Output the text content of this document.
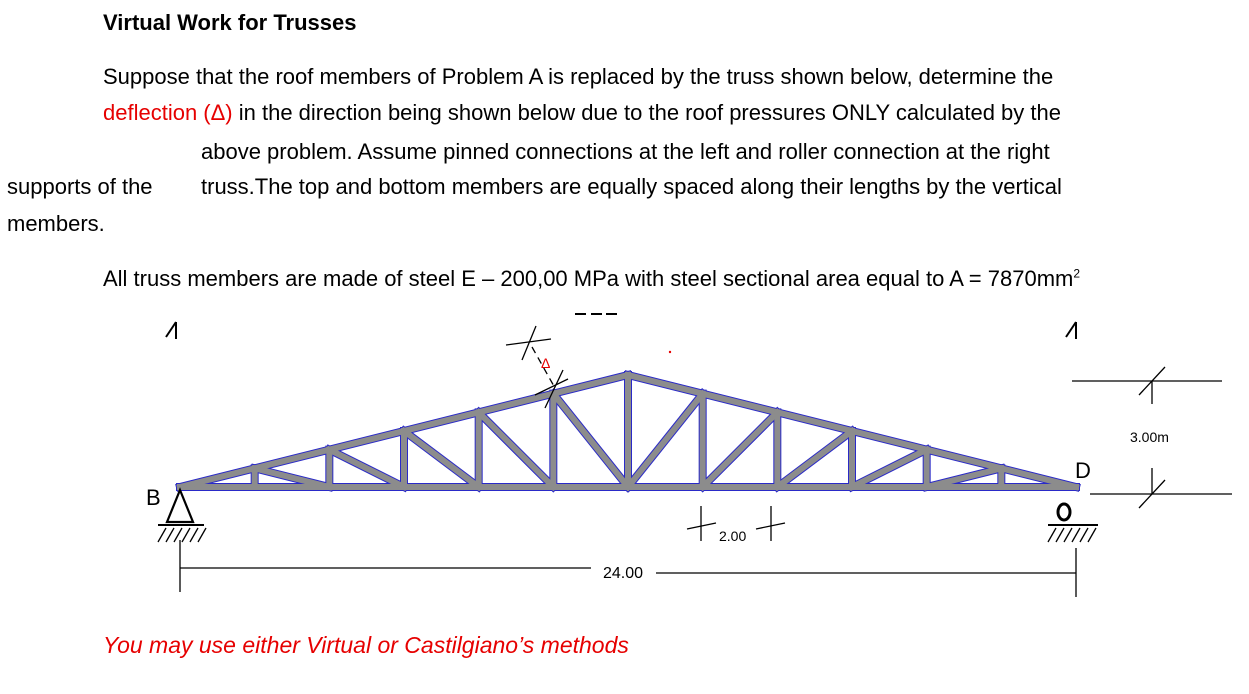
Virtual Work for Trusses
Suppose that the roof members of Problem A is replaced by the truss shown below, determine the
deflection (Δ) in the direction being shown below due to the roof pressures ONLY calculated by the
above problem. Assume pinned connections at the left and roller connection at the right
supports of the truss.The top and bottom members are equally spaced along their lengths by the vertical
members.
All truss members are made of steel E – 200,00 MPa with steel sectional area equal to $A = 7870mm^2$
Δ
B
D
3.00m
2.00
24.00
You may use either Virtual or Castilgiano’s methods
